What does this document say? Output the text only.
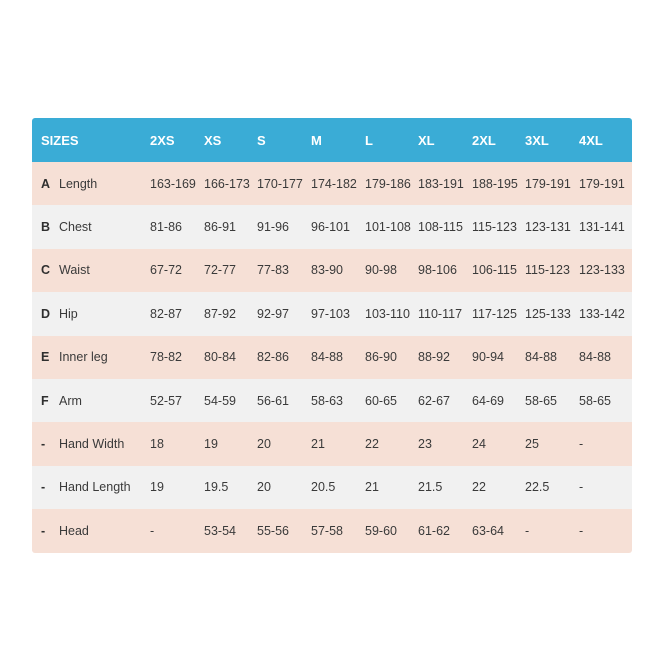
SIZES	2XS XS	S	M	L	XL	2XL 3XL 4XL
A Length	163-169 166-173 170-177 174-182 179-186 183-191 188-195 179-191 179-191
B Chest	81-86 86-91 91-96 96-101 101-108 108-115 115-123 123-131 131-141
C Waist	67-72 72-77 77-83 83-90 90-98 98-106 106-115 115-123 123-133
D Hip	82-87 87-92 92-97 97-103 103-110 110-117 117-125 125-133 133-142
E Inner leg	78-82 80-84 82-86 84-88 86-90 88-92 90-94 84-88 84-88
F Arm	52-57 54-59 56-61 58-63 60-65 62-67 64-69 58-65 58-65
-	Hand Width 18	19	20	21	22	23	24	25	-
-	Hand Length 19	19.5 20	20.5 21	21.5 22	22.5 -
-	Head	-	53-54 55-56 57-58 59-60 61-62 63-64 -	-
